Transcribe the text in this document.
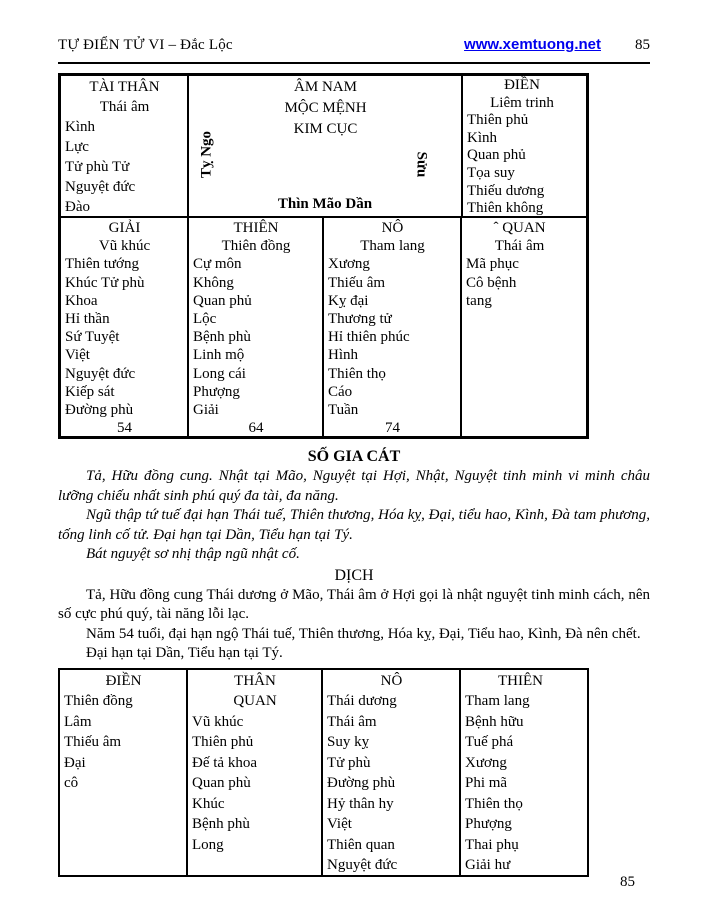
TỰ ĐIỂN TỬ VI – Đắc Lộc	www.xemtuong.net 85
TÀI THÂN
Thái âm
Kình
Lực
Tử phù Tử
Nguyệt đức
Đào
ÂM NAM
MỘC MỆNH
KIM CỤC
Tỵ Ngo	Sửu
Thìn Mão Dần
ĐIỀN
Liêm trinh
Thiên phủ
Kình
Quan phủ
Tọa suy
Thiếu dương
Thiên không
GIẢI
Vũ khúc
Thiên tướng
Khúc Tử phù
Khoa
Hỉ thần
Sứ Tuyệt
Việt
Nguyệt đức
Kiếp sát
Đường phù
54
THIÊN
Thiên đồng
Cự môn
Không
Quan phủ
Lộc
Bệnh phù
Linh mộ
Long cái
Phượng
Giải
64
NÔ
Tham lang
Xương
Thiếu âm
Kỵ đại
Thương tử
Hỉ thiên phúc
Hình
Thiên thọ
Cáo
Tuần
74
ˆ QUAN
Thái âm
Mã phục
Cô bệnh
tang
SỐ GIA CÁT

Tả, Hữu đồng cung. Nhật tại Mão, Nguyệt tại Hợi, Nhật, Nguyệt tinh minh vi minh châu lưỡng chiếu nhất sinh phú quý đa tài, đa năng.

Ngũ thập tứ tuế đại hạn Thái tuế, Thiên thương, Hóa kỵ, Đại, tiểu hao, Kình, Đà tam phương, tống linh cố tử. Đại hạn tại Dần, Tiểu hạn tại Tý.

Bát nguyệt sơ nhị thập ngũ nhật cố.

DỊCH

Tả, Hữu đồng cung Thái dương ở Mão, Thái âm ở Hợi gọi là nhật nguyệt tinh minh cách, nên số cực phú quý, tài năng lỗi lạc.

Năm 54 tuổi, đại hạn ngộ Thái tuế, Thiên thương, Hóa kỵ, Đại, Tiểu hao, Kình, Đà nên chết.

Đại hạn tại Dần, Tiểu hạn tại Tý.

ĐIỀN
Thiên đồng
Lâm
Thiếu âm
Đại
cô
THÂN
QUAN
Vũ khúc
Thiên phủ
Đế tả khoa
Quan phù
Khúc
Bệnh phù
Long
NÔ
Thái dương
Thái âm
Suy kỵ
Tử phù
Đường phù
Hỷ thân hy
Việt
Thiên quan
Nguyệt đức
THIÊN
Tham lang
Bệnh hữu
Tuế phá
Xương
Phi mã
Thiên thọ
Phượng
Thai phụ
Giải hư
85
